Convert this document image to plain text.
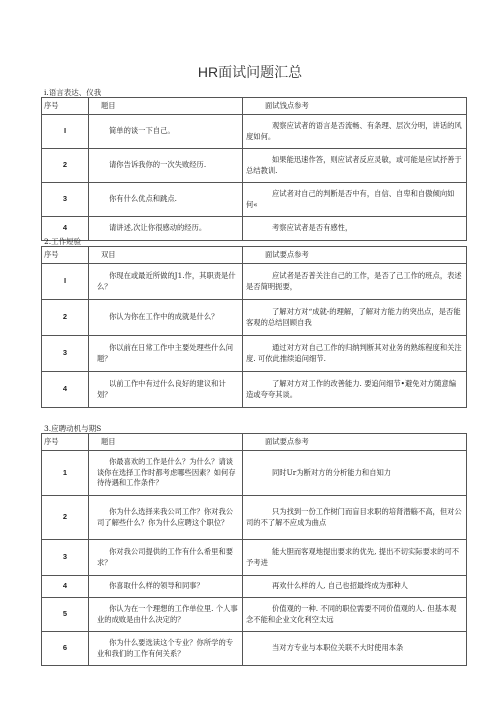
HR面试问题汇总
i.语言表达、仪我
序号	题目	面试饯点参考
I	简单的谈一下自己。	观察应试者的语言是否流畅、有条理、层次分明，讲话的风度如何。
2	请你告诉我你的一次失败经历.	如果能迅速作答，则应试者反应灵敏，或可能是应试抒善于总结教训.
3	你有什么优点和跳点.	应试者对自己的判断是否中有，自信、自卑和自傲倾向如何«
4	请讲述,次让你很感动的经历。	考察应试者是否有感性，
2.工作短验
序号	双目	面试要点参考
I	你现在或最近所做的J1.作，其职责是什么？	应试者是否普关注自己的工作，是否了己工作的班点，表述是否简明扼要，
2	你认为你在工作中的成就是什么？	了解对方对“成就-的理解，了解对方能力的突出点，是否能客观的总结回顾自我
3	你以前在日常工作中主要处理些什么问题？	通过对方对自己工作的归纳判断其对业务的熟练程度和关注度. 可依此推续追问细节.
4	以前工作中有过什么良好的建议和计划？	了解对方对工作的改善能力. 要追问细节•避免对方随意编造或夸夸其谈。
3.应聘动机与期S
序号	题目	面试要点参考
1	你最喜欢的工作是什么？为什么？请谈谈你在选择工作时都考虑哪些因素？如何存待待遇和工作条件？	同时Ur为断对方的分析能力和自知力
2	你为什么选择来我公司工作？你对我公司了解些什么？你为什么应聘这个职位？	只为找到一份工作树门而盲目求职的培肾潜觞不高，但对公司的不了解不应成为曲点
3	你对我公司提供的工作有什么希里和要求？	能大胆而客观地提出要求的优先, 提出不切实际要求的可不予考进
4	你喜取什么样的领导和同事？	再欢什么样的人, 自己也招最终成为那种人
5	你认为在一个理想的工作单位里. 个人事业的成败是由什么决定的？	价值观的一种. 不同的职位需要不同价值观的人. 但基本观念不能和企业文化利空太远
6	你为什么要选读这个专业？你所学的专业和我们的工作有何关系？	当对方专业与本职位关联不大时使用本条
